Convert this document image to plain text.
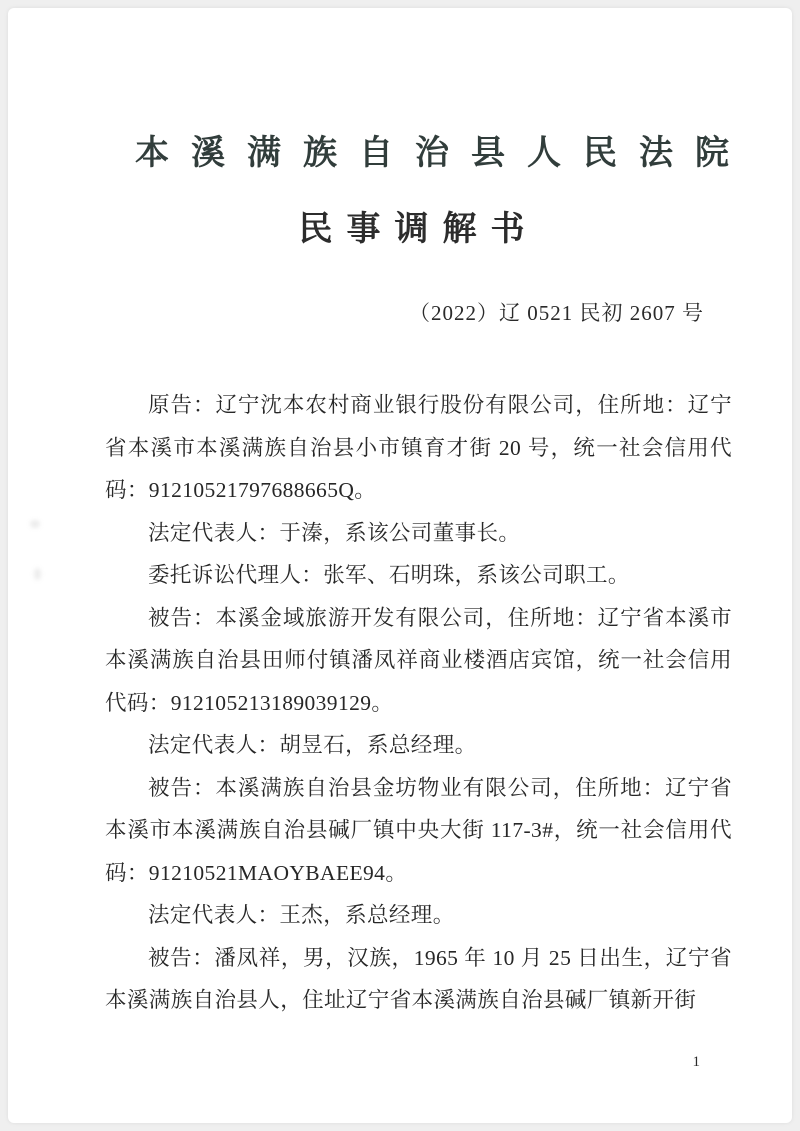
本溪满族自治县人民法院
民事调解书
（2022）辽 0521 民初 2607 号

原告：辽宁沈本农村商业银行股份有限公司，住所地：辽宁省本溪市本溪满族自治县小市镇育才街 20 号，统一社会信用代码：91210521797688665Q。

法定代表人：于溱，系该公司董事长。

委托诉讼代理人：张军、石明珠，系该公司职工。

被告：本溪金域旅游开发有限公司，住所地：辽宁省本溪市本溪满族自治县田师付镇潘凤祥商业楼酒店宾馆，统一社会信用代码：912105213189039129。

法定代表人：胡昱石，系总经理。

被告：本溪满族自治县金坊物业有限公司，住所地：辽宁省本溪市本溪满族自治县碱厂镇中央大街 117-3#，统一社会信用代码：91210521MAOYBAEE94。

法定代表人：王杰，系总经理。

被告：潘凤祥，男，汉族，1965 年 10 月 25 日出生，辽宁省本溪满族自治县人，住址辽宁省本溪满族自治县碱厂镇新开街

1
